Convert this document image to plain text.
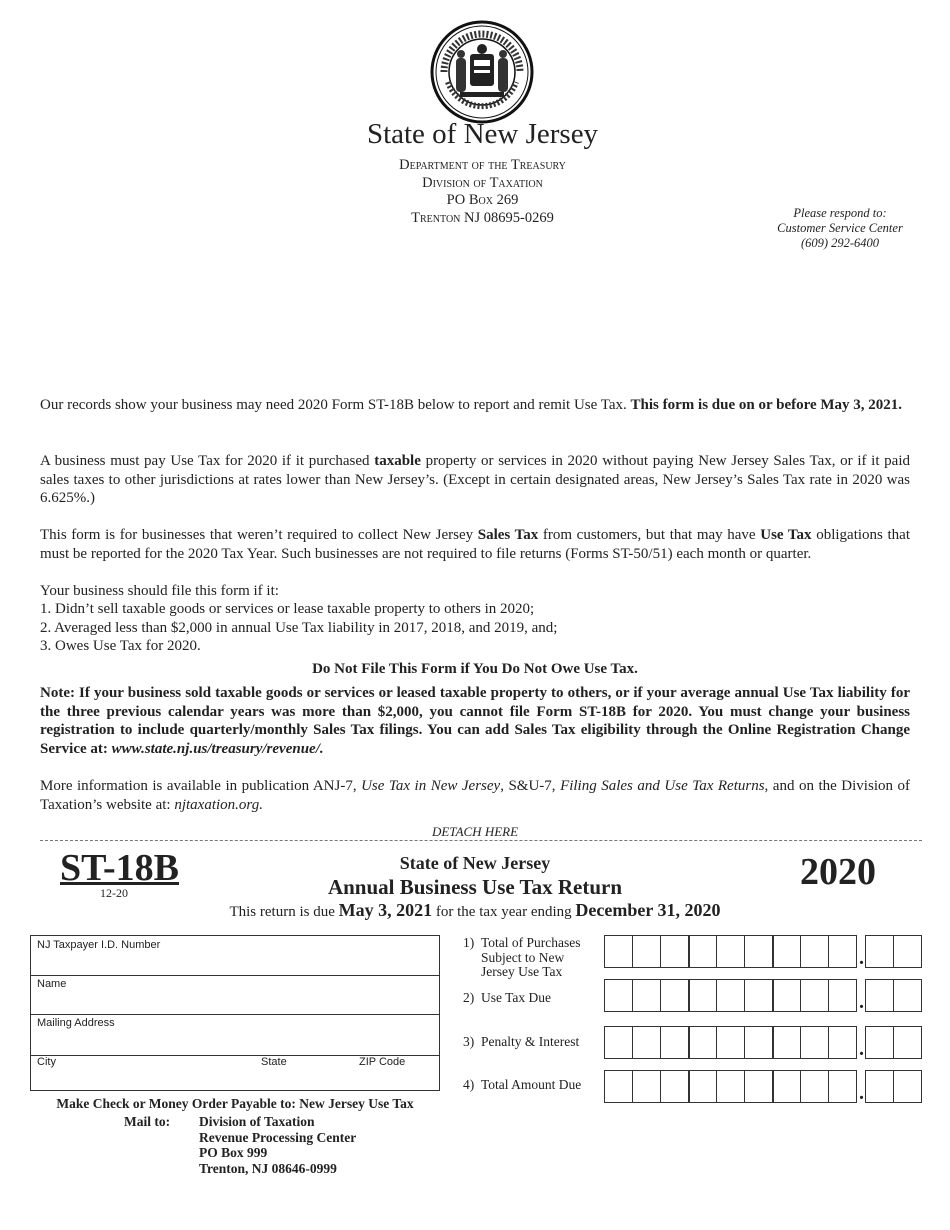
State of New Jersey
Department of the Treasury
Division of Taxation
PO Box 269
Trenton NJ 08695-0269	Please respond to:
Customer Service Center
(609) 292-6400
Our records show your business may need 2020 Form ST-18B below to report and remit Use Tax. This form is due on or before May 3, 2021.
A business must pay Use Tax for 2020 if it purchased taxable property or services in 2020 without paying New Jersey Sales Tax, or if it paid sales taxes to other jurisdictions at rates lower than New Jersey’s. (Except in certain designated areas, New Jersey’s Sales Tax rate in 2020 was 6.625%.)
This form is for businesses that weren’t required to collect New Jersey Sales Tax from customers, but that may have Use Tax obligations that must be reported for the 2020 Tax Year. Such businesses are not required to file returns (Forms ST-50/51) each month or quarter.
Your business should file this form if it:
1. Didn’t sell taxable goods or services or lease taxable property to others in 2020;
2. Averaged less than $2,000 in annual Use Tax liability in 2017, 2018, and 2019, and;
3. Owes Use Tax for 2020.
Do Not File This Form if You Do Not Owe Use Tax.
Note: If your business sold taxable goods or services or leased taxable property to others, or if your average annual Use Tax liability for the three previous calendar years was more than $2,000, you cannot file Form ST-18B for 2020. You must change your business registration to include quarterly/monthly Sales Tax filings. You can add Sales Tax eligibility through the Online Registration Change Service at: www.state.nj.us/treasury/revenue/.
More information is available in publication ANJ-7, Use Tax in New Jersey, S&U-7, Filing Sales and Use Tax Returns, and on the Division of Taxation’s website at: njtaxation.org.
DETACH HERE
ST-18B
12-20
State of New Jersey
Annual Business Use Tax Return
This return is due May 3, 2021 for the tax year ending December 31, 2020
2020
NJ Taxpayer I.D. Number
Name
Mailing Address
City	State	ZIP Code
Make Check or Money Order Payable to: New Jersey Use Tax
Mail to: Division of Taxation
Revenue Processing Center
PO Box 999
Trenton, NJ 08646-0999
1) Total of Purchases Subject to New Jersey Use Tax
2) Use Tax Due
3) Penalty & Interest
4) Total Amount Due
.
.
.
.
